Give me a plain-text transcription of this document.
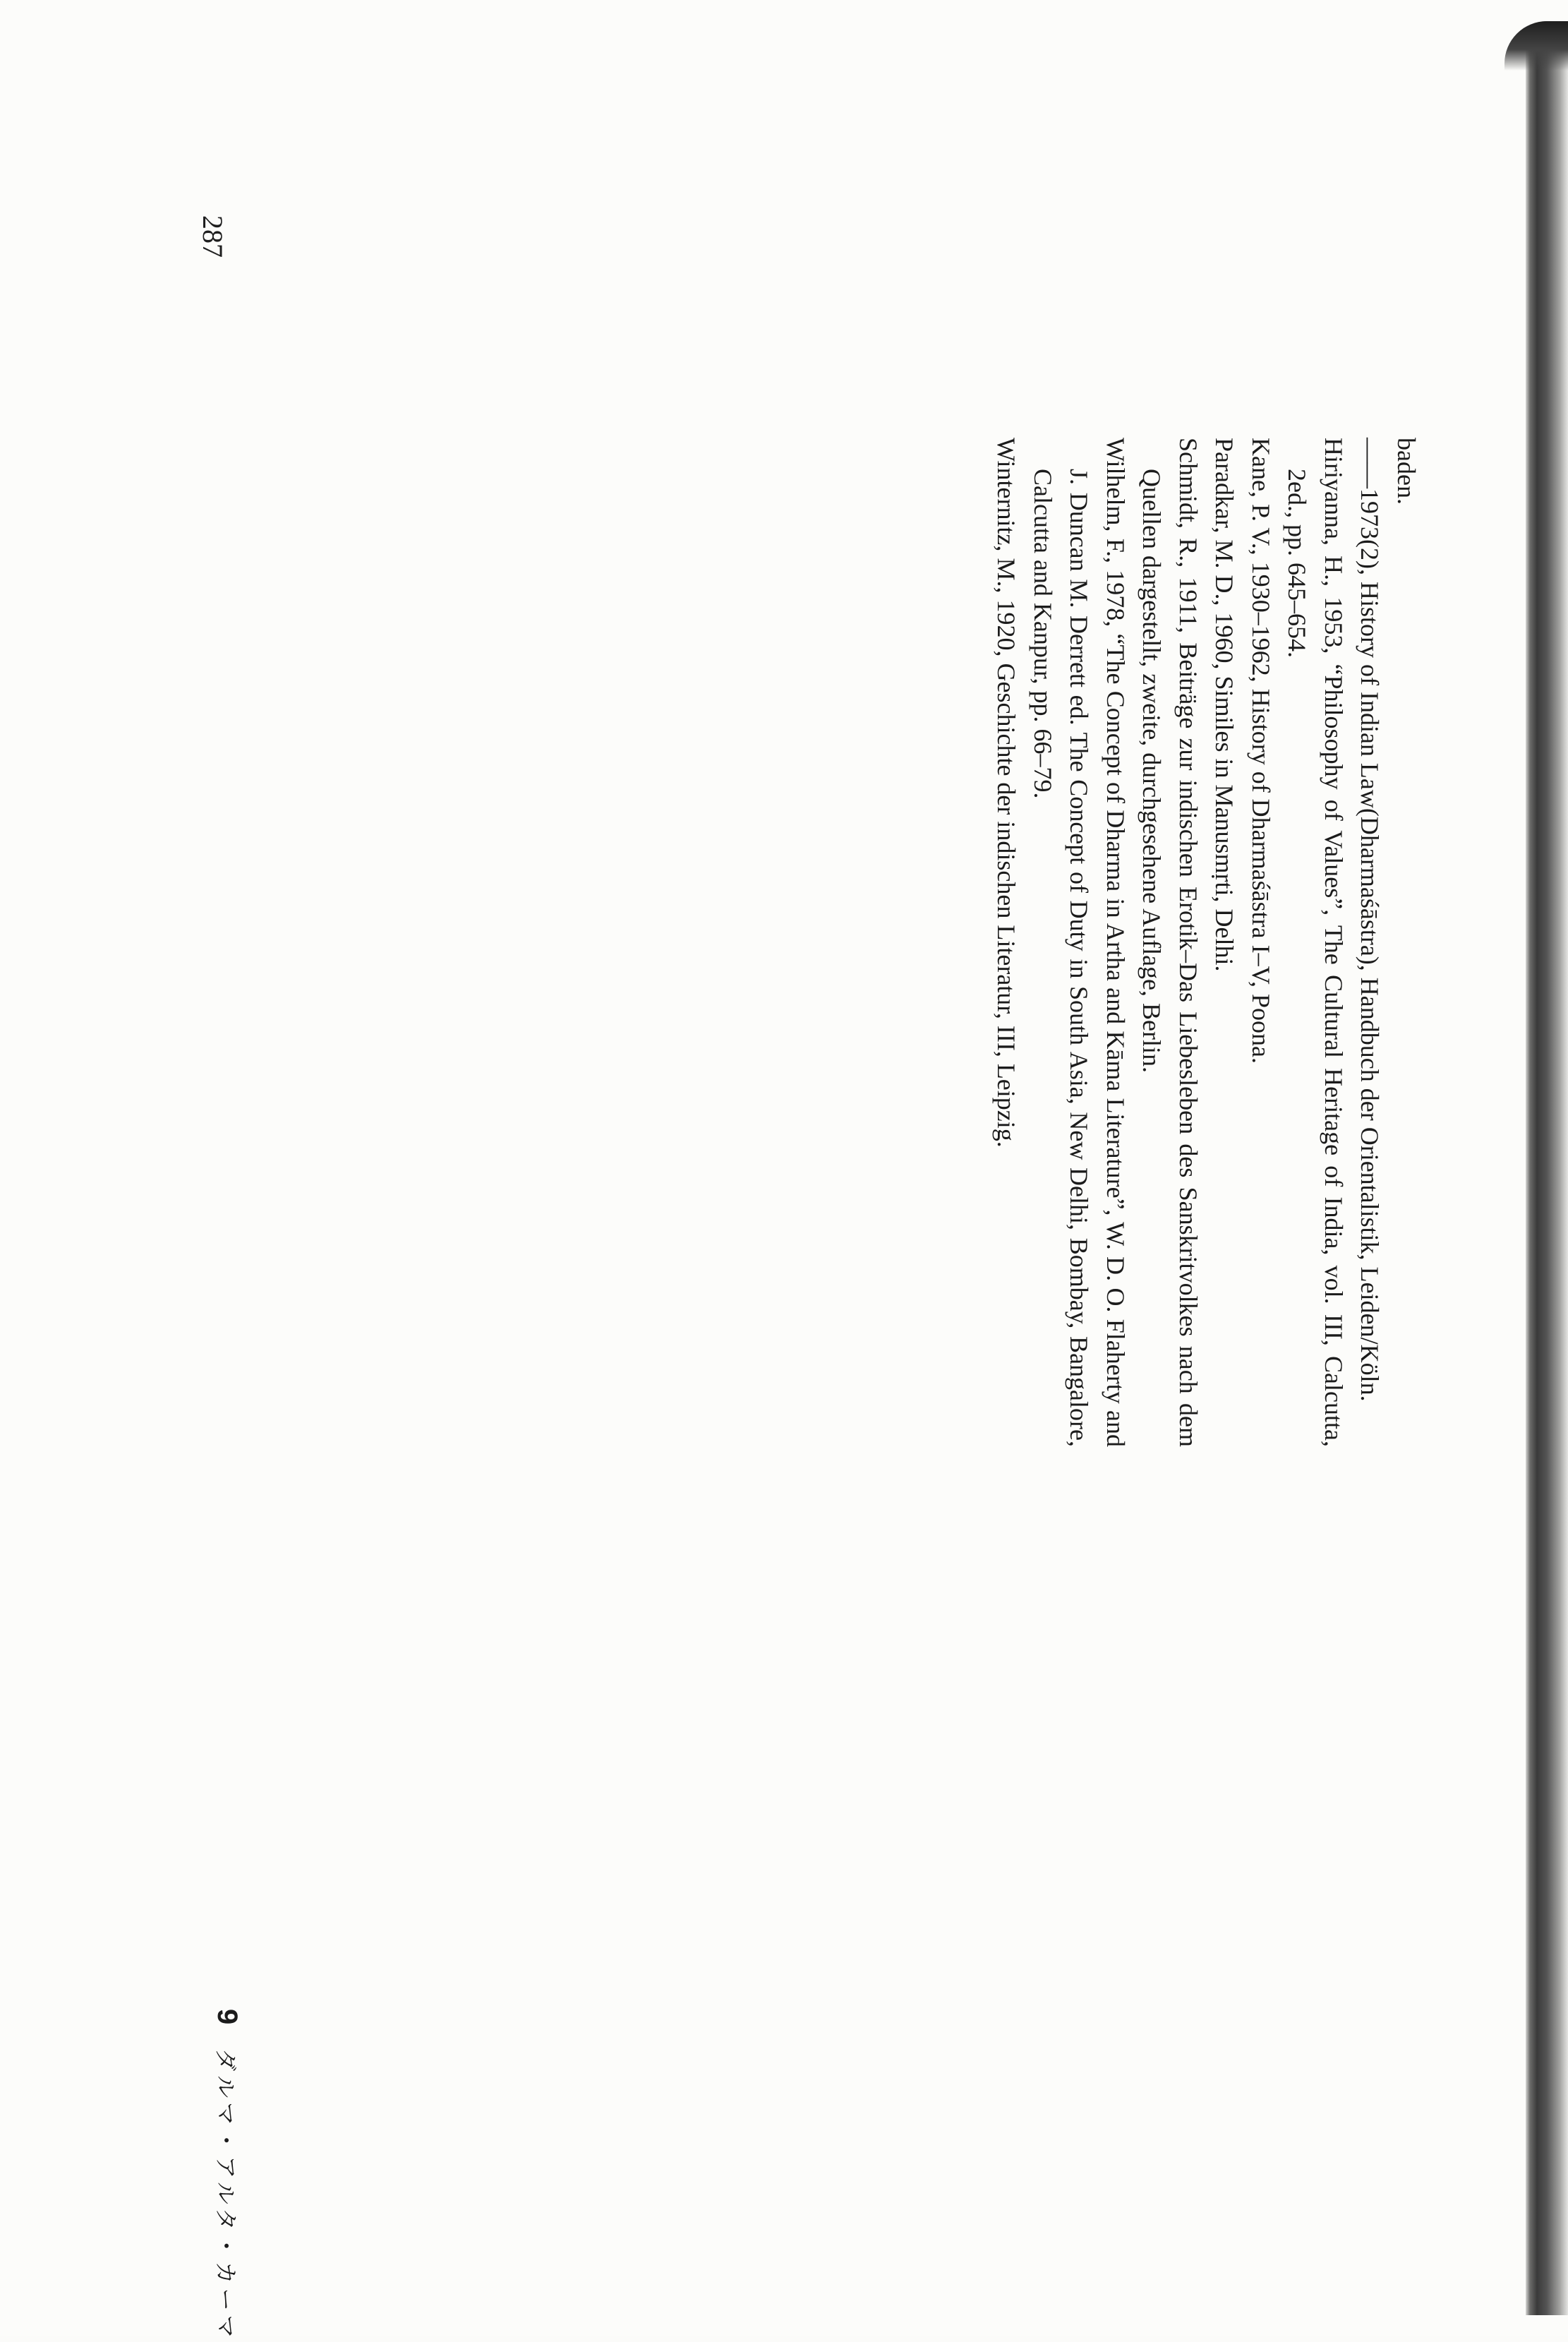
287

baden.

——1973(2), History of Indian Law(Dharmaśāstra), Handbuch der Orientalistik, Leiden/Köln.

Hiriyanna, H., 1953, “Philosophy of Values”, The Cultural Heritage of India, vol. III, Calcutta, 2ed., pp. 645–654.

Kane, P. V., 1930–1962, History of Dharmaśāstra I–V, Poona.

Paradkar, M. D., 1960, Similes in Manusmṛti, Delhi.

Schmidt, R., 1911, Beiträge zur indischen Erotik–Das Liebesleben des Sanskritvolkes nach dem Quellen dargestellt, zweite, durchgesehene Auflage, Berlin.

Wilhelm, F., 1978, “The Concept of Dharma in Artha and Kāma Literature”, W. D. O. Flaherty and J. Duncan M. Derrett ed. The Concept of Duty in South Asia, New Delhi, Bombay, Bangalore, Calcutta and Kanpur, pp. 66–79.

Winternitz, M., 1920, Geschichte der indischen Literatur, III, Leipzig.

9 ダルマ・アルタ・カーマ
